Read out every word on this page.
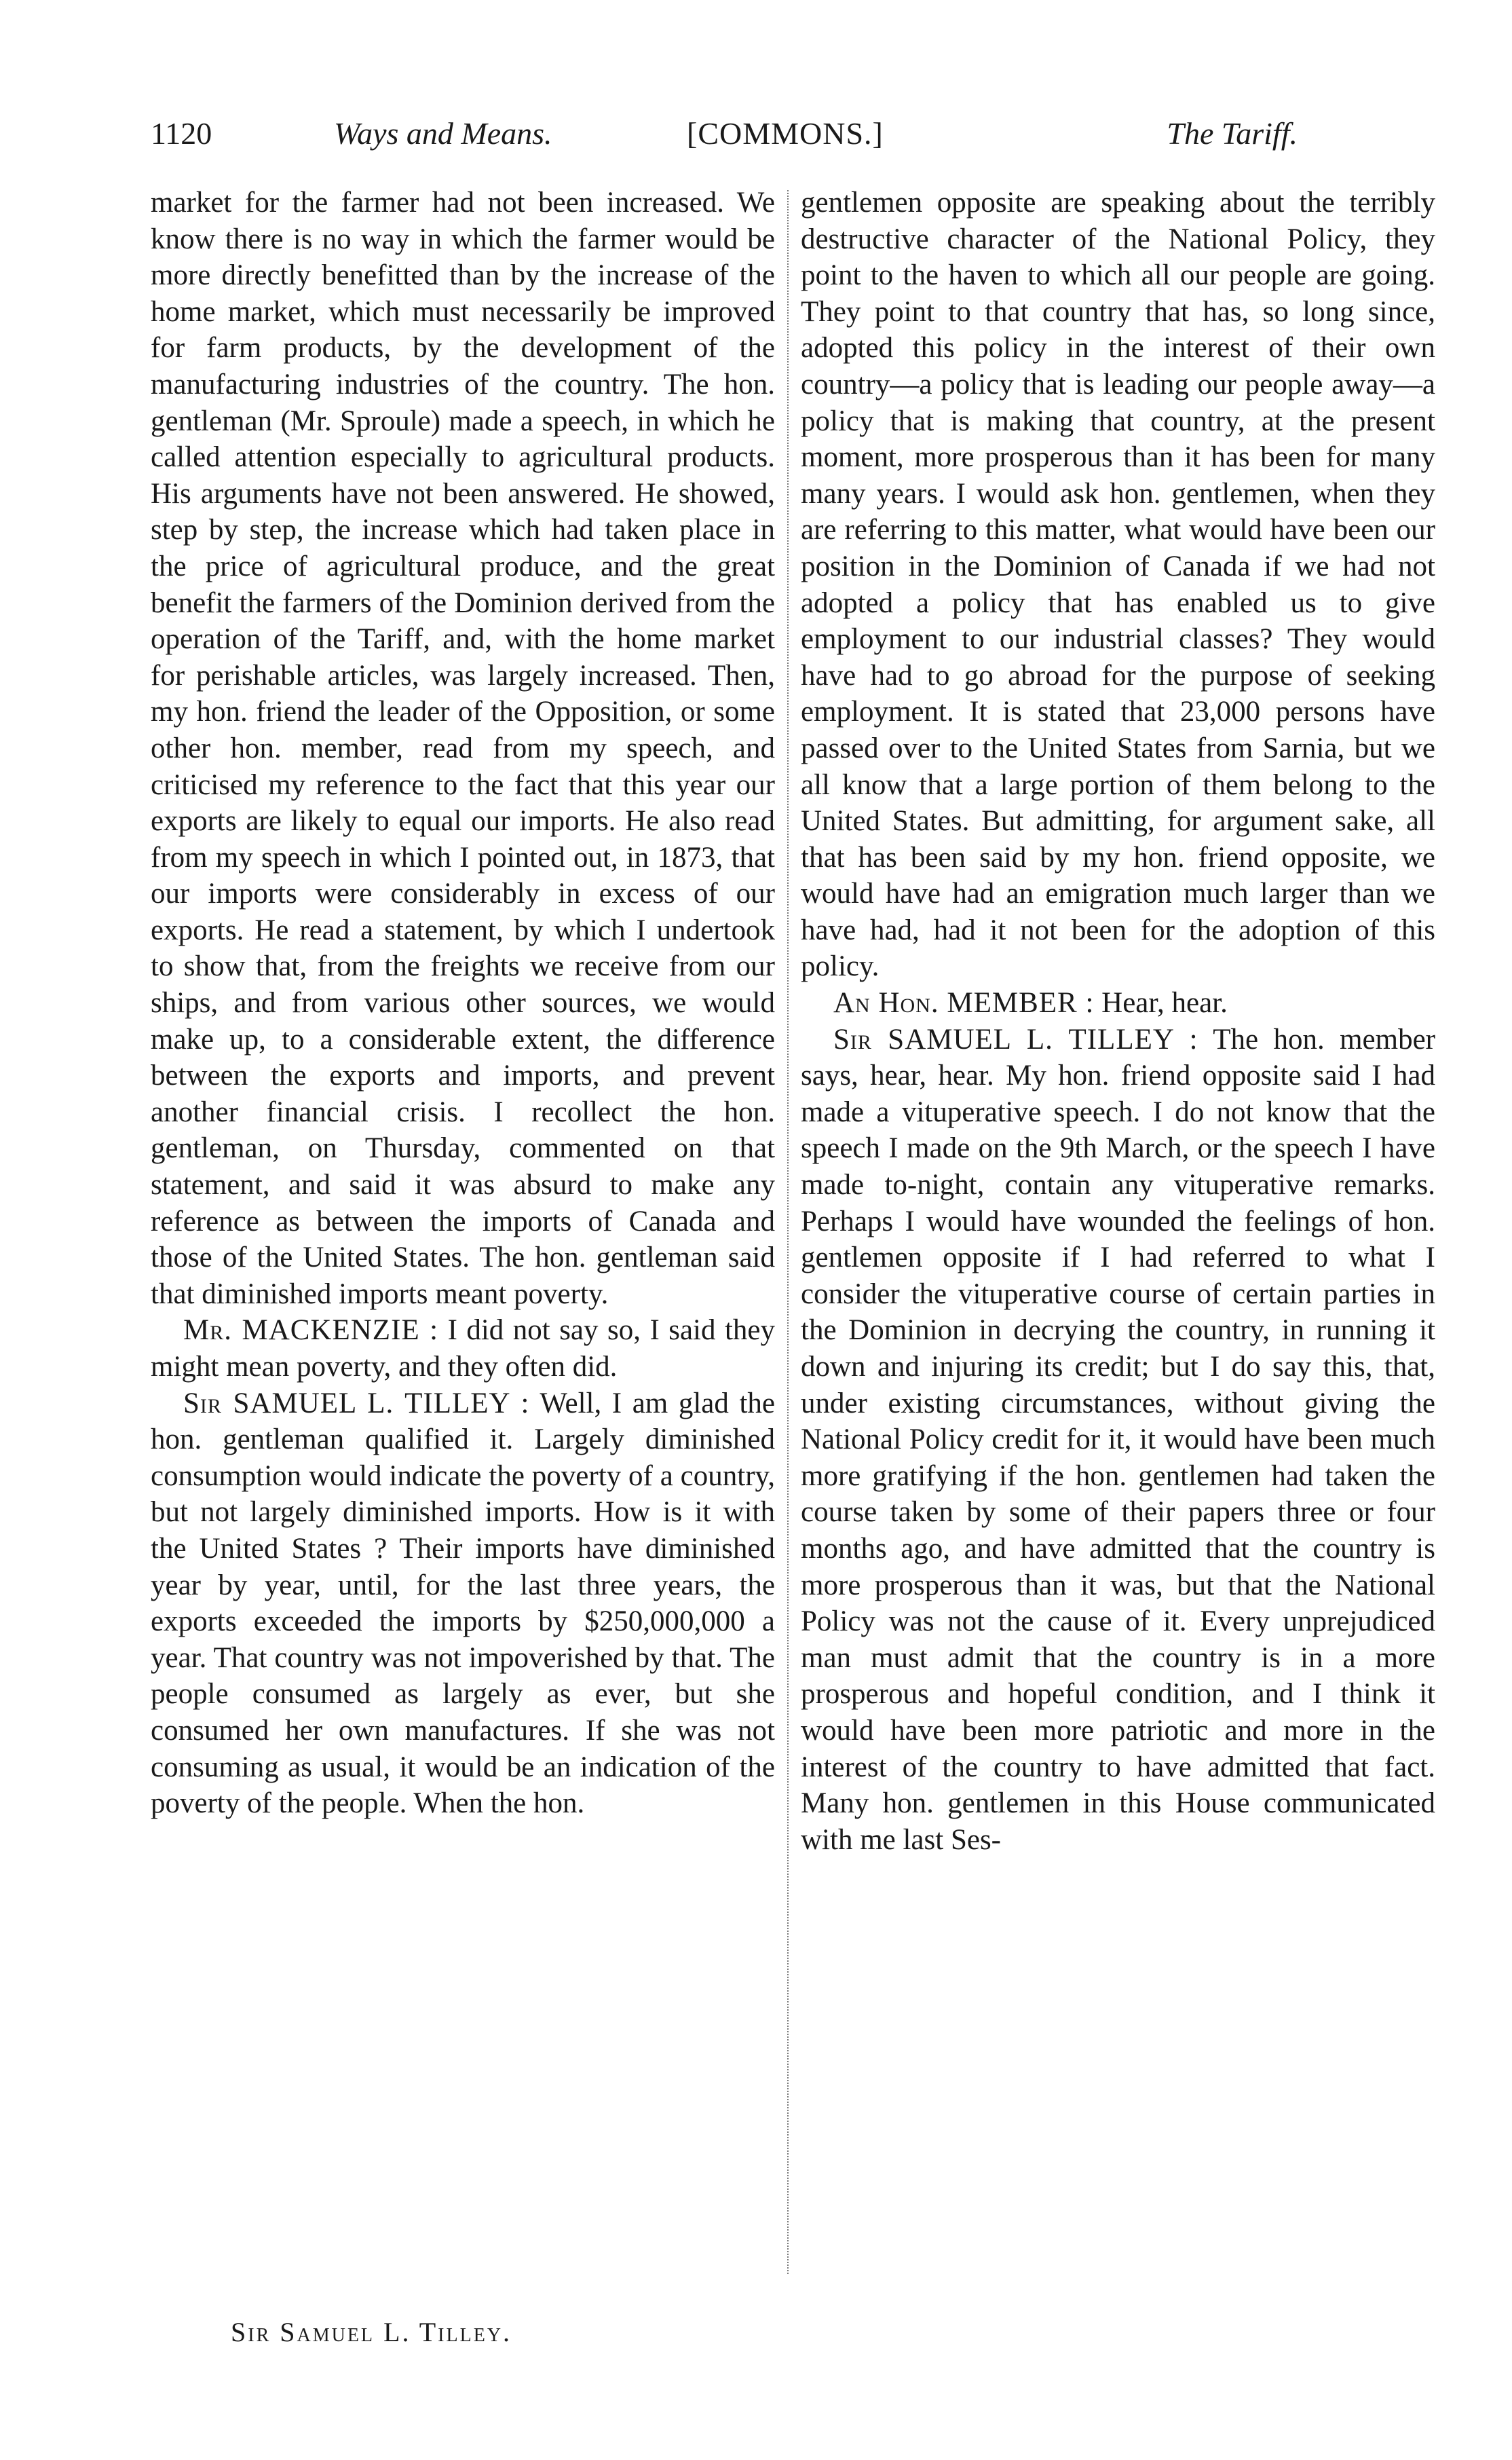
1120	Ways and Means.	[COMMONS.]	The Tariff.

market for the farmer had not been increased. We know there is no way in which the farmer would be more directly benefitted than by the increase of the home market, which must necessarily be improved for farm products, by the development of the manufacturing industries of the country. The hon. gentleman (Mr. Sproule) made a speech, in which he called attention especially to agricultural products. His arguments have not been answered. He showed, step by step, the increase which had taken place in the price of agricultural produce, and the great benefit the farmers of the Dominion derived from the operation of the Tariff, and, with the home market for perishable articles, was largely increased. Then, my hon. friend the leader of the Opposition, or some other hon. member, read from my speech, and criticised my reference to the fact that this year our exports are likely to equal our imports. He also read from my speech in which I pointed out, in 1873, that our imports were considerably in excess of our exports. He read a statement, by which I undertook to show that, from the freights we receive from our ships, and from various other sources, we would make up, to a considerable extent, the difference between the exports and imports, and prevent another financial crisis. I recollect the hon. gentleman, on Thursday, commented on that statement, and said it was absurd to make any reference as between the imports of Canada and those of the United States. The hon. gentleman said that diminished imports meant poverty.

Mr. MACKENZIE : I did not say so, I said they might mean poverty, and they often did.

Sir SAMUEL L. TILLEY : Well, I am glad the hon. gentleman qualified it. Largely diminished consumption would indicate the poverty of a country, but not largely diminished imports. How is it with the United States ? Their imports have diminished year by year, until, for the last three years, the exports exceeded the imports by $250,000,000 a year. That country was not impoverished by that. The people consumed as largely as ever, but she consumed her own manufactures. If she was not consuming as usual, it would be an indication of the poverty of the people. When the hon.

gentlemen opposite are speaking about the terribly destructive character of the National Policy, they point to the haven to which all our people are going. They point to that country that has, so long since, adopted this policy in the interest of their own country—a policy that is leading our people away—a policy that is making that country, at the present moment, more prosperous than it has been for many many years. I would ask hon. gentlemen, when they are referring to this matter, what would have been our position in the Dominion of Canada if we had not adopted a policy that has enabled us to give employment to our industrial classes? They would have had to go abroad for the purpose of seeking employment. It is stated that 23,000 persons have passed over to the United States from Sarnia, but we all know that a large portion of them belong to the United States. But admitting, for argument sake, all that has been said by my hon. friend opposite, we would have had an emigration much larger than we have had, had it not been for the adoption of this policy.

An Hon. MEMBER : Hear, hear.

Sir SAMUEL L. TILLEY : The hon. member says, hear, hear. My hon. friend opposite said I had made a vituperative speech. I do not know that the speech I made on the 9th March, or the speech I have made to-night, contain any vituperative remarks. Perhaps I would have wounded the feelings of hon. gentlemen opposite if I had referred to what I consider the vituperative course of certain parties in the Dominion in decrying the country, in running it down and injuring its credit; but I do say this, that, under existing circumstances, without giving the National Policy credit for it, it would have been much more gratifying if the hon. gentlemen had taken the course taken by some of their papers three or four months ago, and have admitted that the country is more prosperous than it was, but that the National Policy was not the cause of it. Every unprejudiced man must admit that the country is in a more prosperous and hopeful condition, and I think it would have been more patriotic and more in the interest of the country to have admitted that fact. Many hon. gentlemen in this House communicated with me last Ses-

Sir Samuel L. Tilley.
